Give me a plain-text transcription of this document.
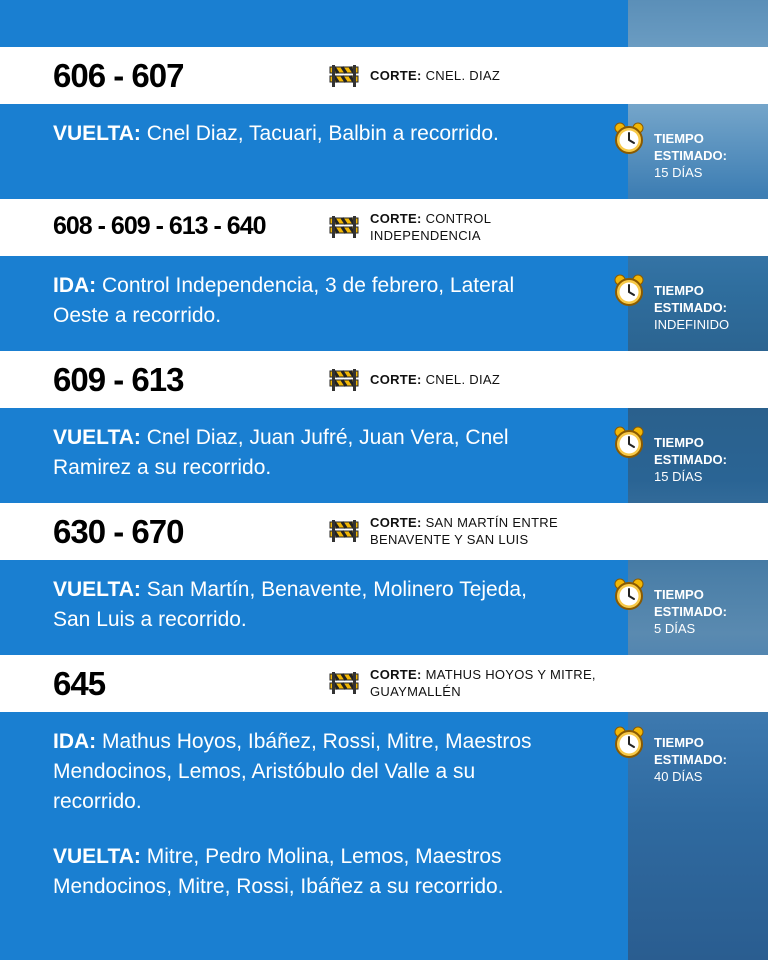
606 - 607	CORTE: CNEL. DIAZ
VUELTA: Cnel Diaz, Tacuari, Balbin a recorrido.	TIEMPO ESTIMADO:
15 DÍAS
608 - 609 - 613 - 640	CORTE: CONTROL INDEPENDENCIA
IDA: Control Independencia, 3 de febrero, Lateral Oeste a recorrido.
TIEMPO ESTIMADO:
INDEFINIDO
609 - 613	CORTE: CNEL. DIAZ
VUELTA: Cnel Diaz, Juan Jufré, Juan Vera, Cnel Ramirez a su recorrido.
TIEMPO ESTIMADO:
15 DÍAS
630 - 670	CORTE: SAN MARTÍN ENTRE BENAVENTE Y SAN LUIS
VUELTA: San Martín, Benavente, Molinero Tejeda, San Luis a recorrido.
TIEMPO ESTIMADO:
5 DÍAS
645	CORTE: MATHUS HOYOS Y MITRE, GUAYMALLÉN
IDA: Mathus Hoyos, Ibáñez, Rossi, Mitre, Maestros Mendocinos, Lemos, Aristóbulo del Valle a su recorrido.
VUELTA: Mitre, Pedro Molina, Lemos, Maestros Mendocinos, Mitre, Rossi, Ibáñez a su recorrido.
TIEMPO ESTIMADO:
40 DÍAS
